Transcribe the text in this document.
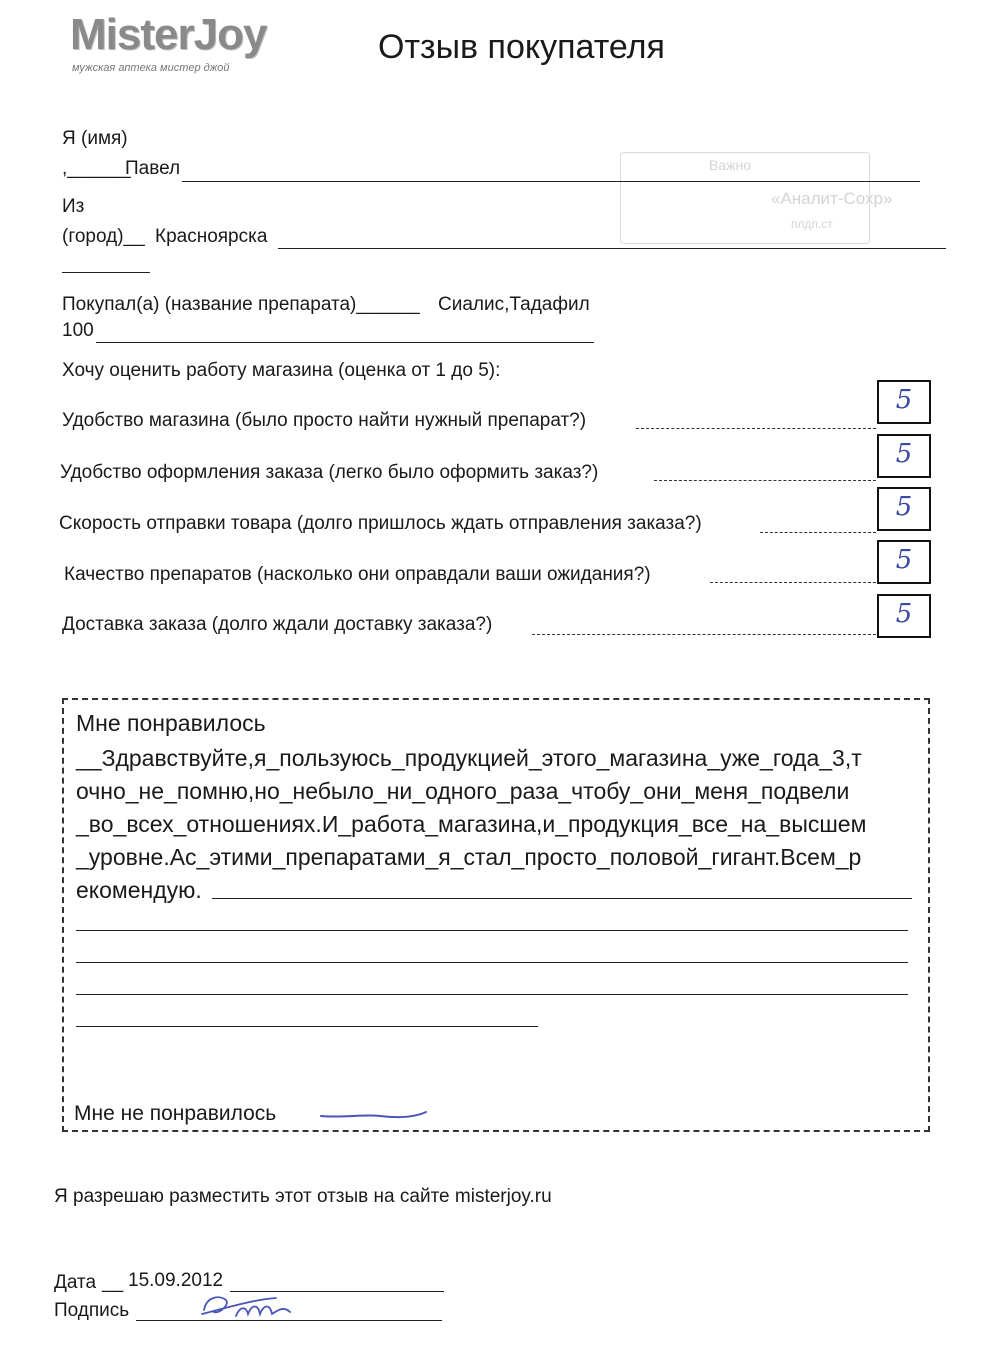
MisterJoy
мужская аптека мистер джой
Отзыв покупателя
Важно
«Аналит-Сохр»
плдп.ст
Я (имя)
,______
Павел
Из
(город)__ Красноярска
Покупал(а) (название препарата)______ Сиалис,Тадафил
100
Хочу оценить работу магазина (оценка от 1 до 5):
Удобство магазина (было просто найти нужный препарат?)
5
Удобство оформления заказа (легко было оформить заказ?)
5
Скорость отправки товара (долго пришлось ждать отправления заказа?)
5
Качество препаратов (насколько они оправдали ваши ожидания?)	5
Доставка заказа (долго ждали доставку заказа?)	5
Мне понравилось
__Здравствуйте,я_пользуюсь_продукцией_этого_магазина_уже_года_3,т
очно_не_помню,но_небыло_ни_одного_раза_чтобу_они_меня_подвели
_во_всех_отношениях.И_работа_магазина,и_продукция_все_на_высшем
_уровне.Ас_этими_препаратами_я_стал_просто_половой_гигант.Всем_р
екомендую.
Мне не понравилось
Я разрешаю разместить этот отзыв на сайте misterjoy.ru
Дата __ 15.09.2012
Подпись
